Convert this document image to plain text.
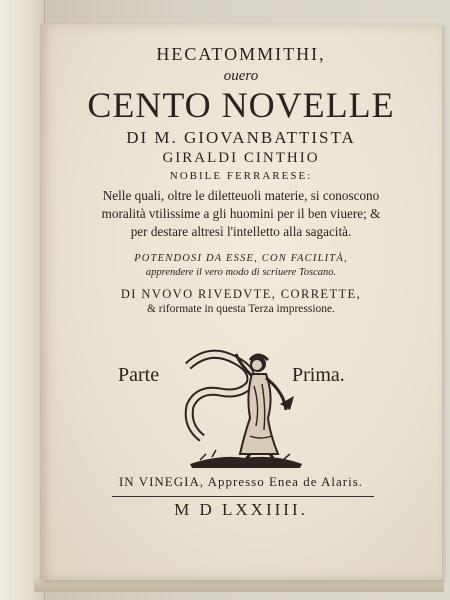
HECATOMMITHI,
ouero
CENTO NOVELLE
DI M. GIOVANBATTISTA
GIRALDI CINTHIO
NOBILE FERRARESE:
Nelle quali, oltre le diletteuoli materie, si conoscono
moralità vtilissime a gli huomini per il ben viuere; &
per destare altresì l'intelletto alla sagacità.
POTENDOSI DA ESSE, CON FACILITÀ,
apprendere il vero modo di scriuere Toscano.
DI NVOVO RIVEDVTE, CORRETTE,
& riformate in questa Terza impressione.
Parte	Prima.
IN VINEGIA, Appresso Enea de Alaris.
M D LXXIIII.
